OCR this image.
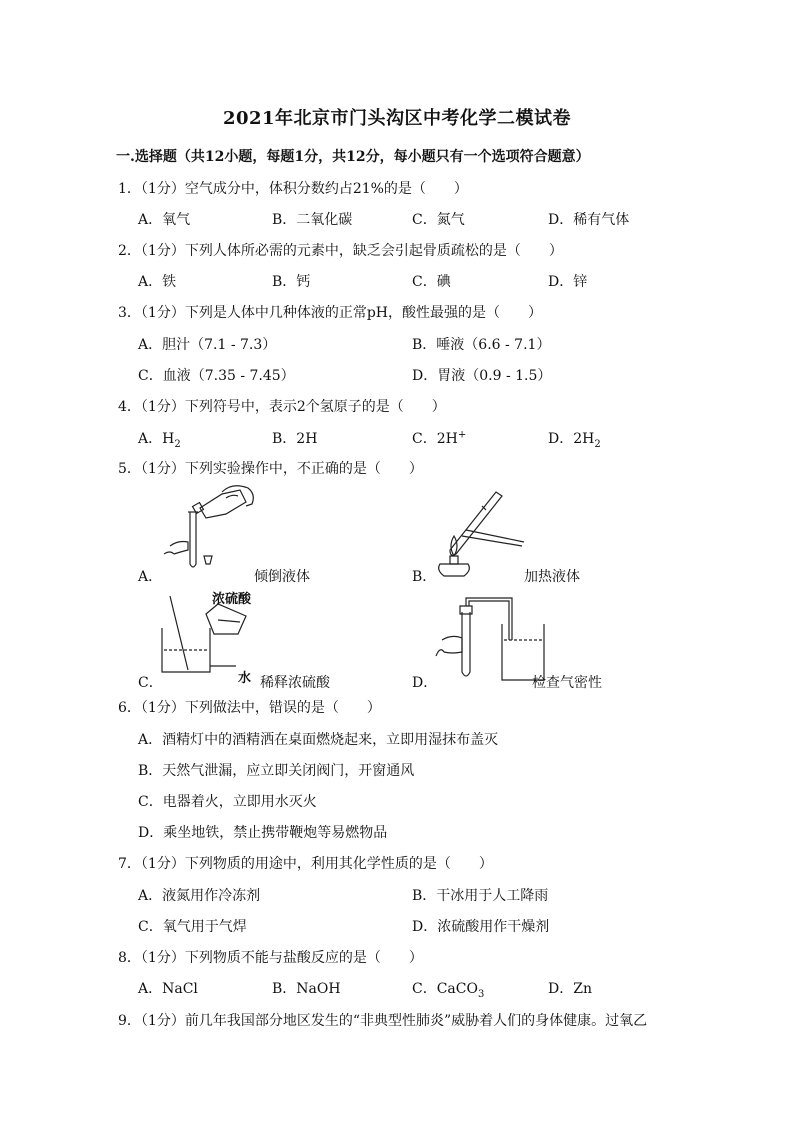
2021年北京市门头沟区中考化学二模试卷
一.选择题（共12小题，每题1分，共12分，每小题只有一个选项符合题意）
1．（1分）空气成分中，体积分数约占21%的是（　　）
A．氧气	B．二氧化碳	C．氮气	D．稀有气体
2．（1分）下列人体所必需的元素中，缺乏会引起骨质疏松的是（　　）
A．铁	B．钙	C．碘	D．锌
3．（1分）下列是人体中几种体液的正常pH，酸性最强的是（　　）
A．胆汁（7.1 - 7.3）	B．唾液（6.6 - 7.1）
C．血液（7.35 - 7.45）	D．胃液（0.9 - 1.5）
4．（1分）下列符号中，表示2个氢原子的是（　　）
A．$H_2$	B．2H	C．2H+	D．$2H_2$
5．（1分）下列实验操作中，不正确的是（　　）
A．	倾倒液体	B．	加热液体
浓硫酸
水
C．	稀释浓硫酸	D．	检查气密性
6．（1分）下列做法中，错误的是（　　）
A．酒精灯中的酒精洒在桌面燃烧起来，立即用湿抹布盖灭
B．天然气泄漏，应立即关闭阀门，开窗通风
C．电器着火，立即用水灭火
D．乘坐地铁，禁止携带鞭炮等易燃物品
7．（1分）下列物质的用途中，利用其化学性质的是（　　）
A．液氮用作冷冻剂	B．干冰用于人工降雨
C．氧气用于气焊	D．浓硫酸用作干燥剂
8．（1分）下列物质不能与盐酸反应的是（　　）
A．NaCl	B．NaOH	C．CaCO$_3$	D．Zn
9．（1分）前几年我国部分地区发生的“非典型性肺炎”威胁着人们的身体健康。过氧乙
